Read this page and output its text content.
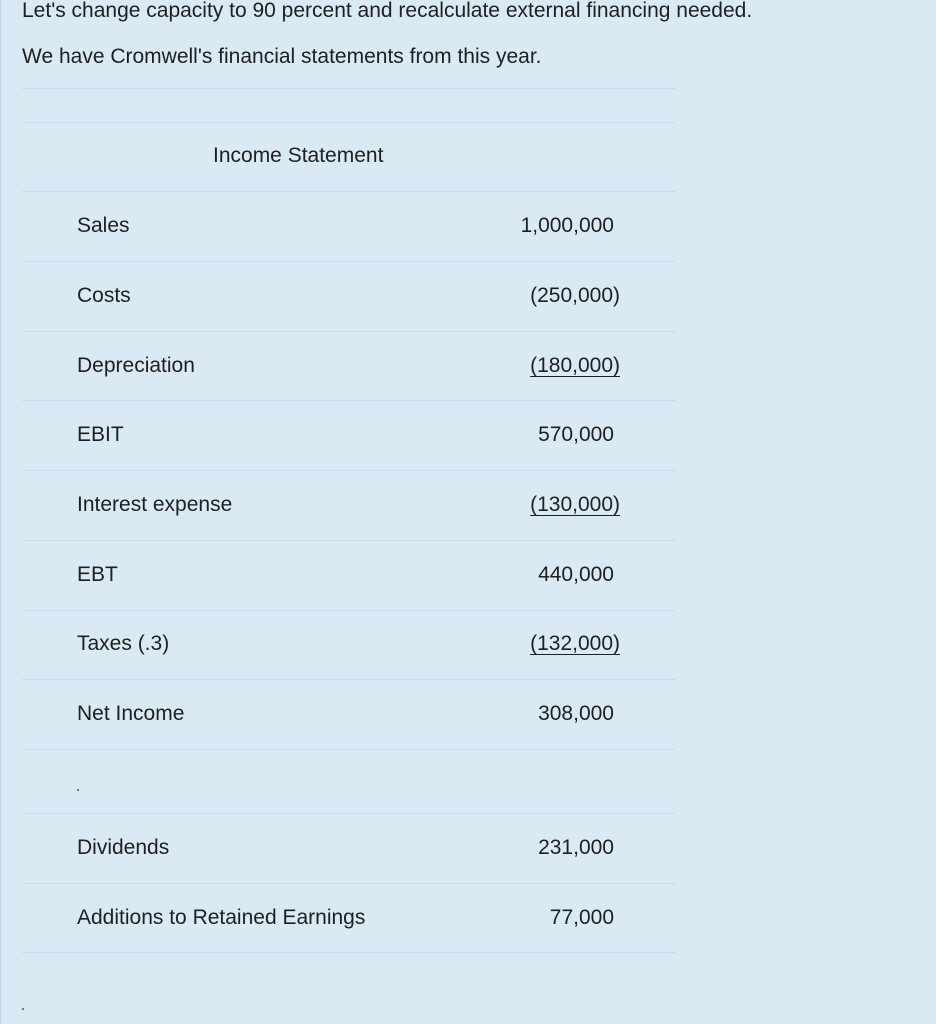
Let's change capacity to 90 percent and recalculate external financing needed.
We have Cromwell's financial statements from this year.
Income Statement
Sales	1,000,000
Costs	(250,000)
Depreciation	(180,000)
EBIT	570,000
Interest expense	(130,000)
EBT	440,000
Taxes (.3)	(132,000)
Net Income	308,000
Dividends	231,000
Additions to Retained Earnings	77,000
